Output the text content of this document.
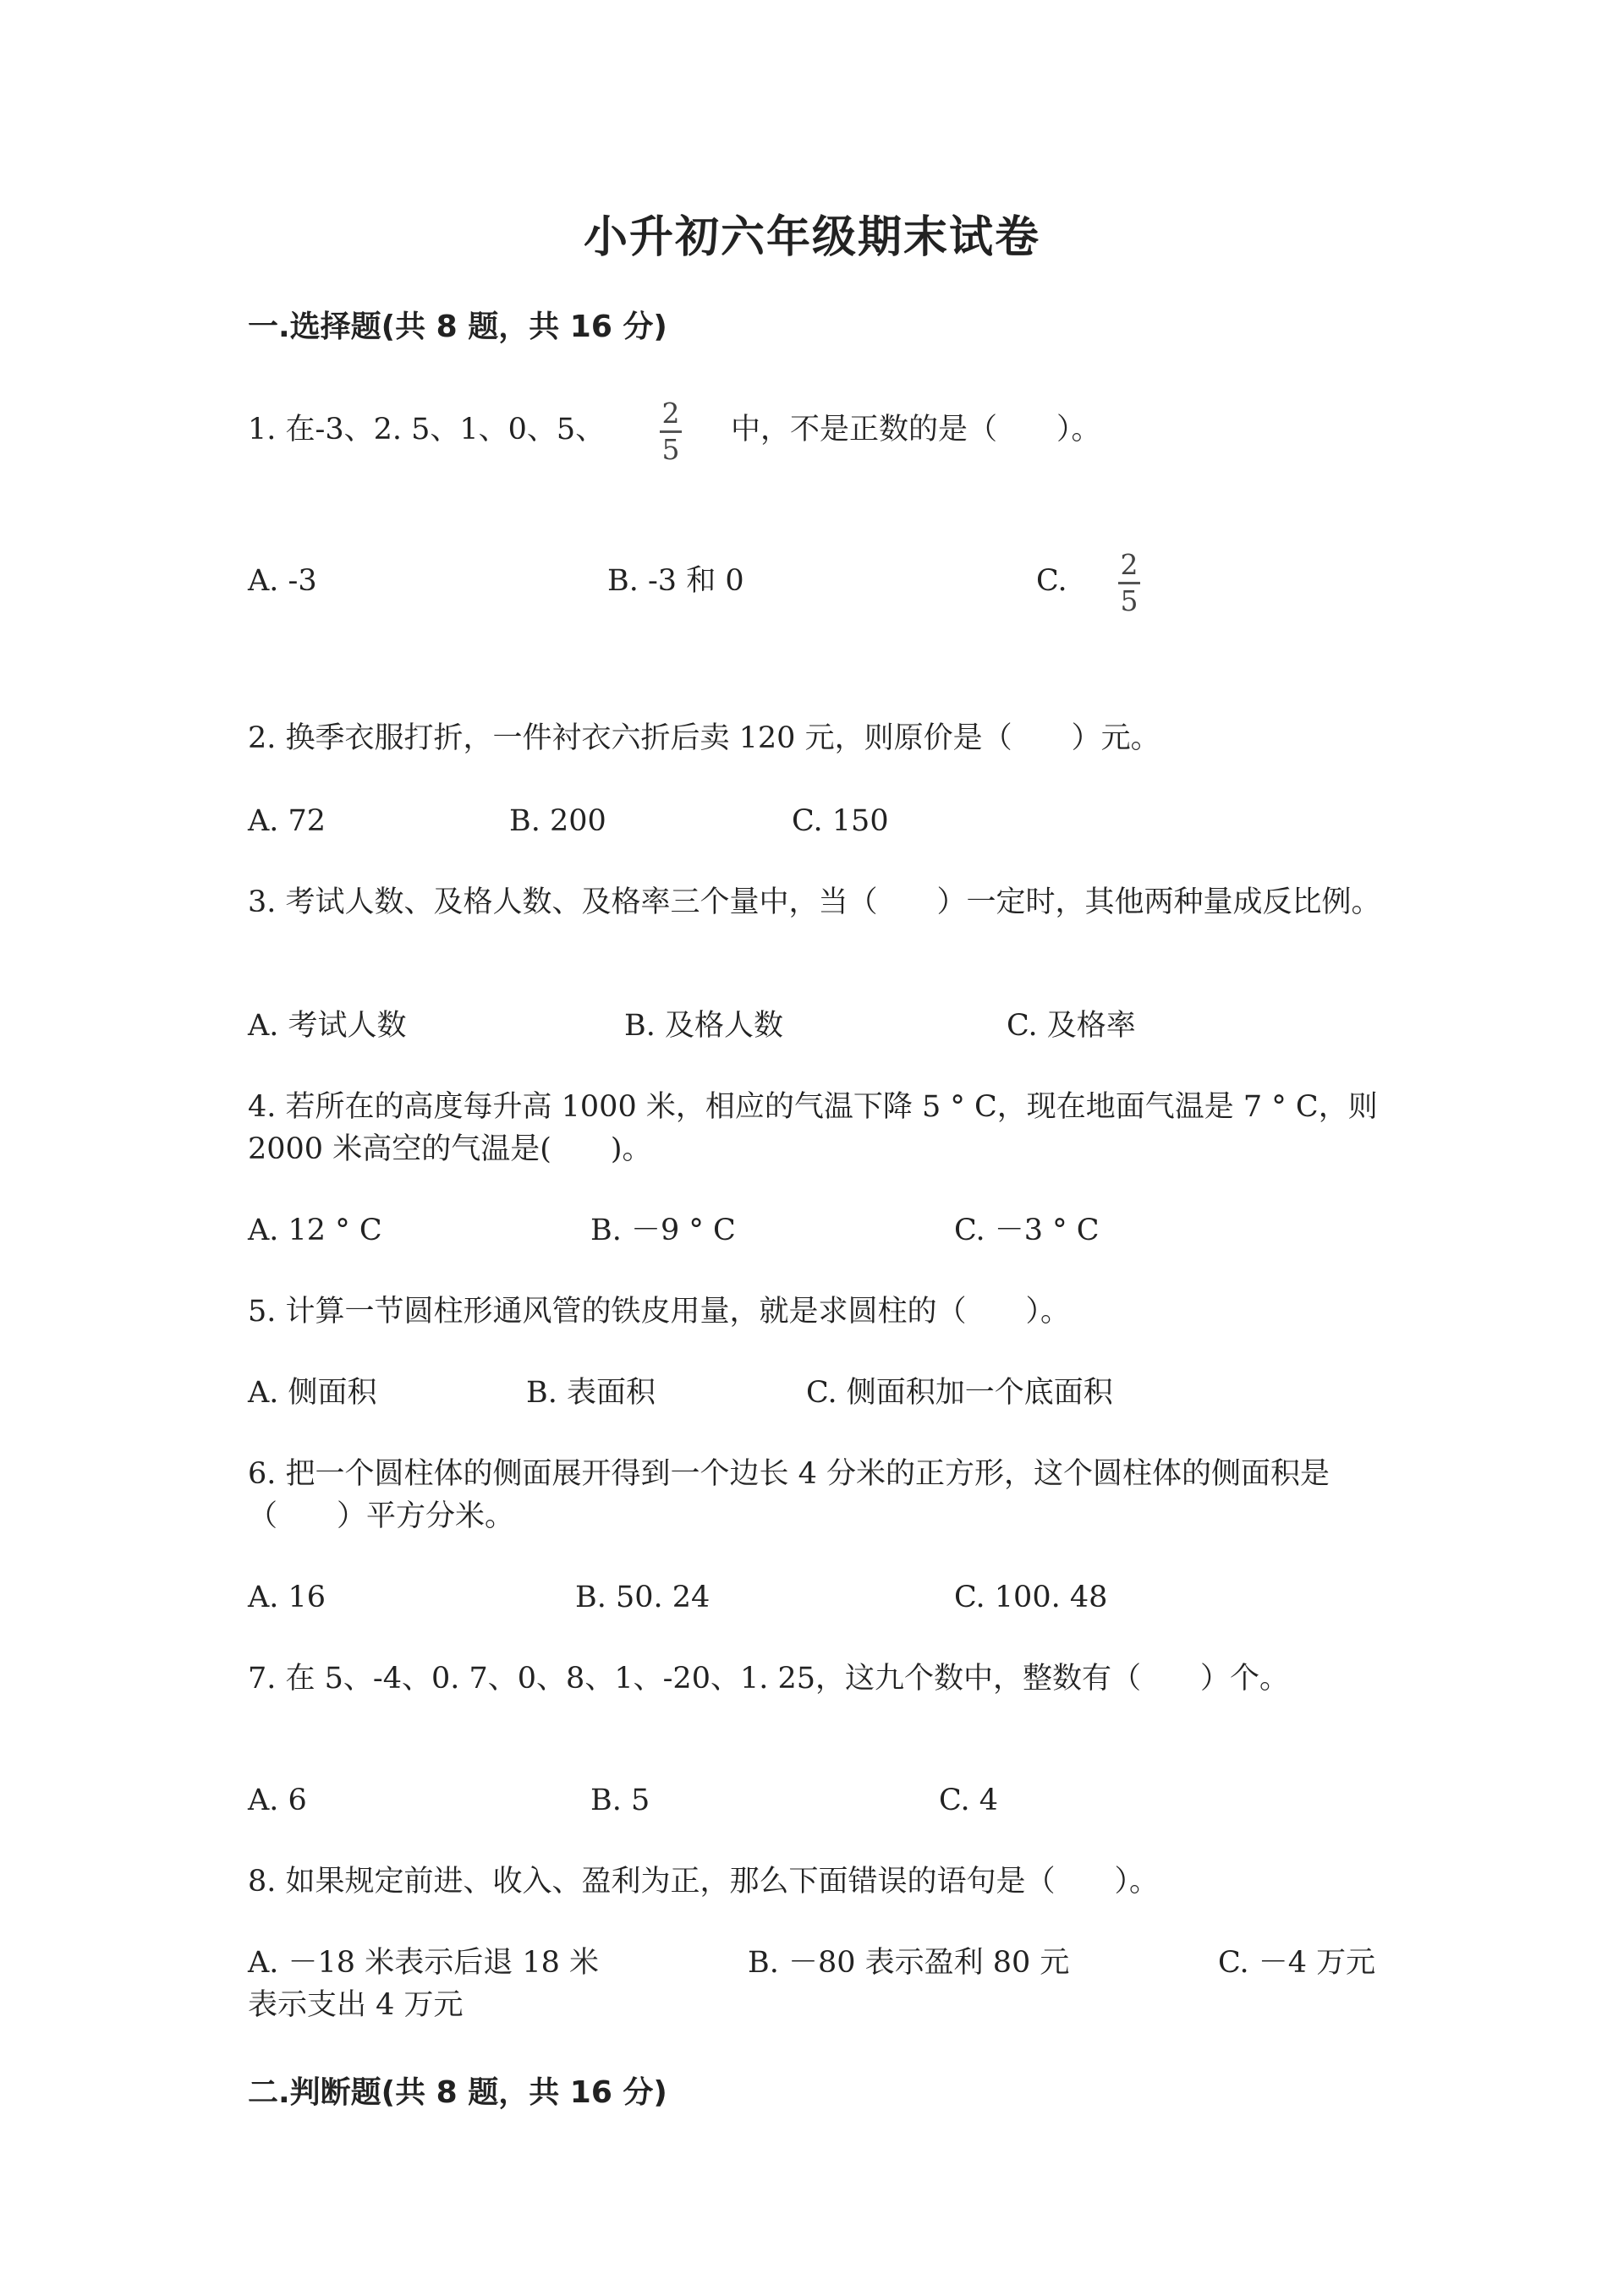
小升初六年级期末试卷
一.选择题(共 8 题，共 16 分)
1. 在-3、2. 5、1、0、5、 2
5
中，不是正数的是（　　）。
A. -3	B. -3 和 0	C. 2
5

2. 换季衣服打折，一件衬衣六折后卖 120 元，则原价是（　　）元。

A. 72	B. 200	C. 150

3. 考试人数、及格人数、及格率三个量中，当（　　）一定时，其他两种量成反比例。

A. 考试人数	B. 及格人数	C. 及格率

4. 若所在的高度每升高 1000 米，相应的气温下降 5 ° C，现在地面气温是 7 ° C，则 2000 米高空的气温是(　　)。

A. 12 ° C	B. －9 ° C	C. －3 ° C

5. 计算一节圆柱形通风管的铁皮用量，就是求圆柱的（　　）。

A. 侧面积	B. 表面积	C. 侧面积加一个底面积

6. 把一个圆柱体的侧面展开得到一个边长 4 分米的正方形，这个圆柱体的侧面积是（　　）平方分米。

A. 16	B. 50. 24	C. 100. 48

7. 在 5、-4、0. 7、0、8、1、-20、1. 25，这九个数中，整数有（　　）个。

A. 6	B. 5	C. 4

8. 如果规定前进、收入、盈利为正，那么下面错误的语句是（　　）。

A. －18 米表示后退 18 米	B. －80 表示盈利 80 元	C. －4 万元
表示支出 4 万元
二.判断题(共 8 题，共 16 分)
